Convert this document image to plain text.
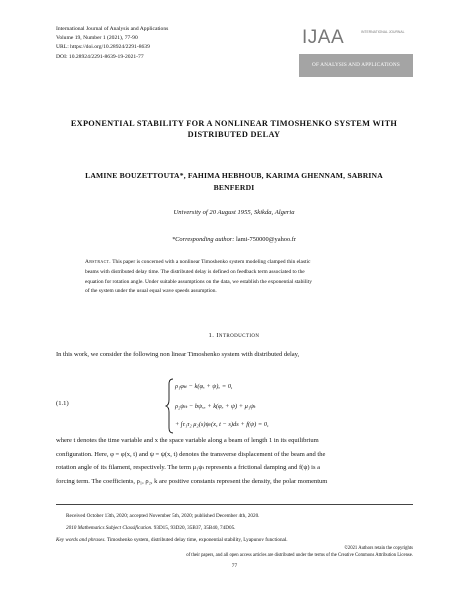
International Journal of Analysis and Applications
Volume 19, Number 1 (2021), 77-90
URL: https://doi.org/10.28924/2291-8639
DOI: 10.28924/2291-8639-19-2021-77
IJAA	INTERNATIONAL JOURNAL
OF ANALYSIS AND APPLICATIONS
EXPONENTIAL STABILITY FOR A NONLINEAR TIMOSHENKO SYSTEM WITH
DISTRIBUTED DELAY
LAMINE BOUZETTOUTA*, FAHIMA HEBHOUB, KARIMA GHENNAM, SABRINA
BENFERDI
University of 20 August 1955, Skikda, Algeria
*Corresponding author: lami-750000@yahoo.fr
Abstract. This paper is concerned with a nonlinear Timoshenko system modeling clamped thin elastic
beams with distributed delay time. The distributed delay is defined on feedback term associated to the
equation for rotation angle. Under suitable assumptions on the data, we establish the exponential stability
of the system under the usual equal wave speeds assumption.
1. Introduction
In this work, we consider the following non linear Timoshenko system with distributed delay,
(1.1)
ρ₁φₜₜ − k(φₓ + ψ)ₓ = 0,
ρ₂ψₜₜ − bψₓₓ + k(φₓ + ψ) + μ₁ψₜ
+ ∫τ₁τ₂ μ₂(s)ψₜ(x, t − s)ds + f(ψ) = 0,
where t denotes the time variable and x the space variable along a beam of length 1 in its equilibrium
configuration. Here, φ = φ(x, t) and ψ = ψ(x, t) denotes the transverse displacement of the beam and the
rotation angle of its filament, respectively. The term μ₁ψₜ represents a frictional damping and f(ψ) is a
forcing term. The coefficients, ρ₁, ρ₂, k are positive constants represent the density, the polar momentum
Received October 13th, 2020; accepted November 5th, 2020; published December 4th, 2020.
2010 Mathematics Subject Classification. 93D15, 93D20, 35B37, 35B40, 74D05.
Key words and phrases. Timoshenko system, distributed delay time, exponential stability, Lyapunov functional.
©2021 Authors retain the copyrights
of their papers, and all open access articles are distributed under the terms of the Creative Commons Attribution License.
77
